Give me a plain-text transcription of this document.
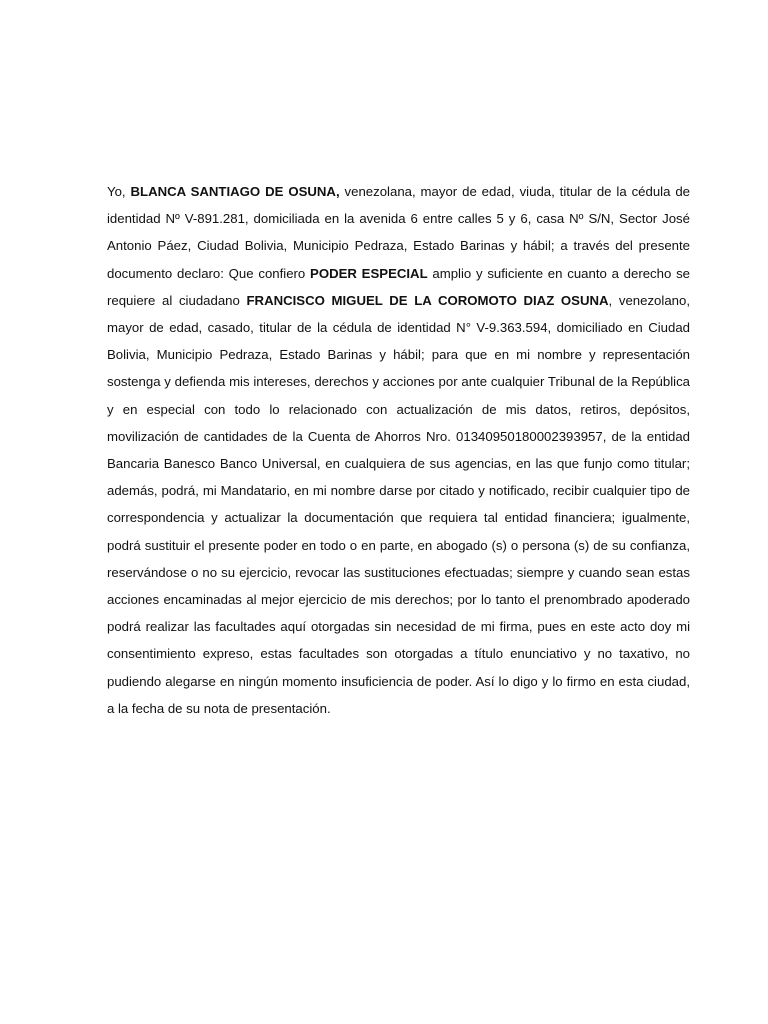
Yo, BLANCA SANTIAGO DE OSUNA, venezolana, mayor de edad, viuda, titular de la cédula de identidad Nº V-891.281, domiciliada en la avenida 6 entre calles 5 y 6, casa Nº S/N, Sector José Antonio Páez, Ciudad Bolivia, Municipio Pedraza, Estado Barinas y hábil; a través del presente documento declaro: Que confiero PODER ESPECIAL amplio y suficiente en cuanto a derecho se requiere al ciudadano FRANCISCO MIGUEL DE LA COROMOTO DIAZ OSUNA, venezolano, mayor de edad, casado, titular de la cédula de identidad N° V-9.363.594, domiciliado en Ciudad Bolivia, Municipio Pedraza, Estado Barinas y hábil; para que en mi nombre y representación sostenga y defienda mis intereses, derechos y acciones por ante cualquier Tribunal de la República y en especial con todo lo relacionado con actualización de mis datos, retiros, depósitos, movilización de cantidades de la Cuenta de Ahorros Nro. 01340950180002393957, de la entidad Bancaria Banesco Banco Universal, en cualquiera de sus agencias, en las que funjo como titular; además, podrá, mi Mandatario, en mi nombre darse por citado y notificado, recibir cualquier tipo de correspondencia y actualizar la documentación que requiera tal entidad financiera; igualmente, podrá sustituir el presente poder en todo o en parte, en abogado (s) o persona (s) de su confianza, reservándose o no su ejercicio, revocar las sustituciones efectuadas; siempre y cuando sean estas acciones encaminadas al mejor ejercicio de mis derechos; por lo tanto el prenombrado apoderado podrá realizar las facultades aquí otorgadas sin necesidad de mi firma, pues en este acto doy mi consentimiento expreso, estas facultades son otorgadas a título enunciativo y no taxativo, no pudiendo alegarse en ningún momento insuficiencia de poder. Así lo digo y lo firmo en esta ciudad, a la fecha de su nota de presentación.
